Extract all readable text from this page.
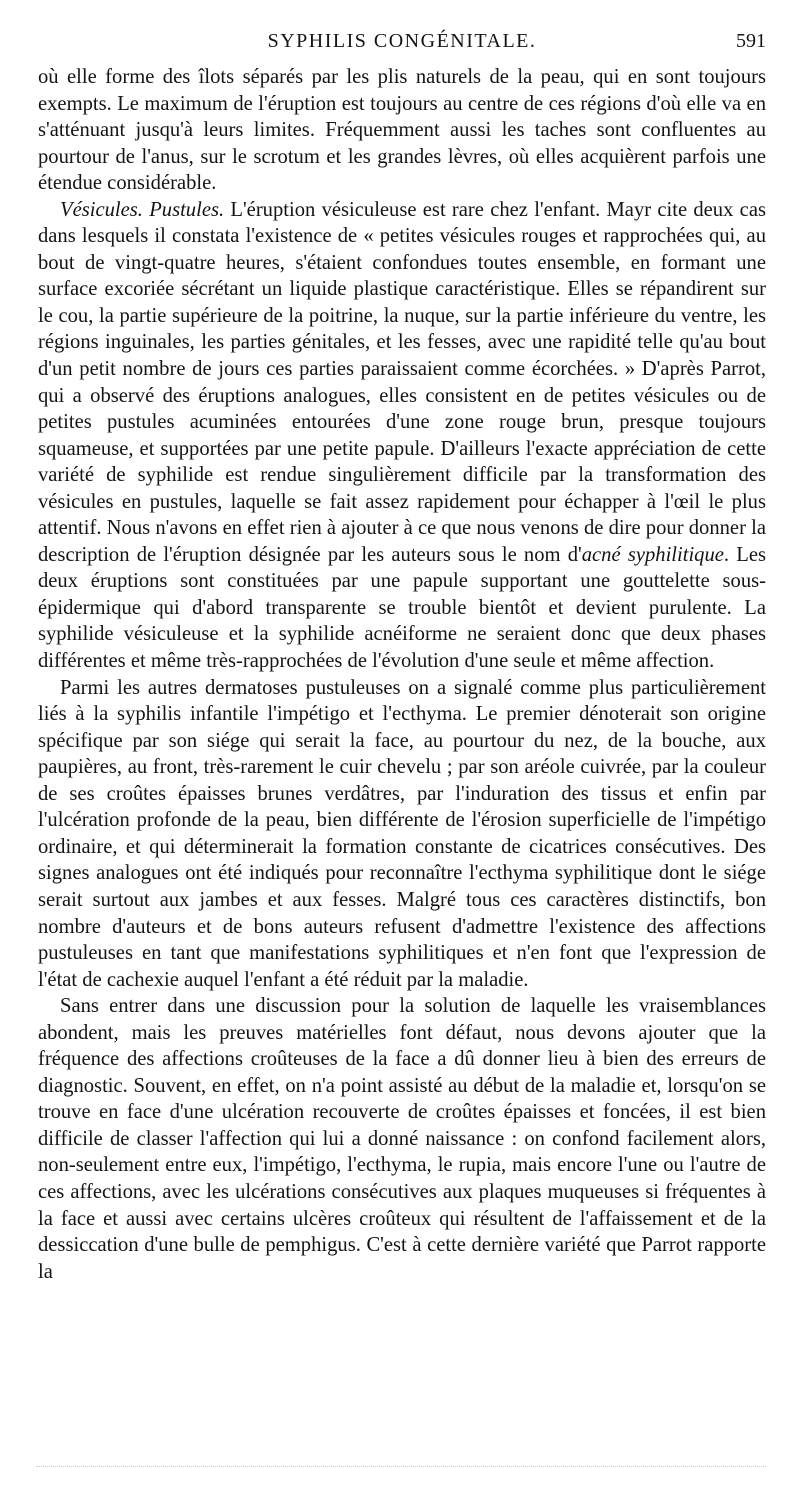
SYPHILIS CONGÉNITALE.	591

où elle forme des îlots séparés par les plis naturels de la peau, qui en sont toujours exempts. Le maximum de l'éruption est toujours au centre de ces régions d'où elle va en s'atténuant jusqu'à leurs limites. Fréquemment aussi les taches sont confluentes au pourtour de l'anus, sur le scrotum et les grandes lèvres, où elles acquièrent parfois une étendue considérable.

Vésicules. Pustules. L'éruption vésiculeuse est rare chez l'enfant. Mayr cite deux cas dans lesquels il constata l'existence de « petites vésicules rouges et rapprochées qui, au bout de vingt-quatre heures, s'étaient confondues toutes ensemble, en formant une surface excoriée sécrétant un liquide plastique caractéristique. Elles se répandirent sur le cou, la partie supérieure de la poitrine, la nuque, sur la partie inférieure du ventre, les régions inguinales, les parties génitales, et les fesses, avec une rapidité telle qu'au bout d'un petit nombre de jours ces parties paraissaient comme écorchées. » D'après Parrot, qui a observé des éruptions analogues, elles consistent en de petites vésicules ou de petites pustules acuminées entourées d'une zone rouge brun, presque toujours squameuse, et supportées par une petite papule. D'ailleurs l'exacte appréciation de cette variété de syphilide est rendue singulièrement difficile par la transformation des vésicules en pustules, laquelle se fait assez rapidement pour échapper à l'œil le plus attentif. Nous n'avons en effet rien à ajouter à ce que nous venons de dire pour donner la description de l'éruption désignée par les auteurs sous le nom d'acné syphilitique. Les deux éruptions sont constituées par une papule supportant une gouttelette sous-épidermique qui d'abord transparente se trouble bientôt et devient purulente. La syphilide vésiculeuse et la syphilide acnéiforme ne seraient donc que deux phases différentes et même très-rapprochées de l'évolution d'une seule et même affection.

Parmi les autres dermatoses pustuleuses on a signalé comme plus particulièrement liés à la syphilis infantile l'impétigo et l'ecthyma. Le premier dénoterait son origine spécifique par son siége qui serait la face, au pourtour du nez, de la bouche, aux paupières, au front, très-rarement le cuir chevelu ; par son aréole cuivrée, par la couleur de ses croûtes épaisses brunes verdâtres, par l'induration des tissus et enfin par l'ulcération profonde de la peau, bien différente de l'érosion superficielle de l'impétigo ordinaire, et qui déterminerait la formation constante de cicatrices consécutives. Des signes analogues ont été indiqués pour reconnaître l'ecthyma syphilitique dont le siége serait surtout aux jambes et aux fesses. Malgré tous ces caractères distinctifs, bon nombre d'auteurs et de bons auteurs refusent d'admettre l'existence des affections pustuleuses en tant que manifestations syphilitiques et n'en font que l'expression de l'état de cachexie auquel l'enfant a été réduit par la maladie.

Sans entrer dans une discussion pour la solution de laquelle les vraisemblances abondent, mais les preuves matérielles font défaut, nous devons ajouter que la fréquence des affections croûteuses de la face a dû donner lieu à bien des erreurs de diagnostic. Souvent, en effet, on n'a point assisté au début de la maladie et, lorsqu'on se trouve en face d'une ulcération recouverte de croûtes épaisses et foncées, il est bien difficile de classer l'affection qui lui a donné naissance : on confond facilement alors, non-seulement entre eux, l'impétigo, l'ecthyma, le rupia, mais encore l'une ou l'autre de ces affections, avec les ulcérations consécutives aux plaques muqueuses si fréquentes à la face et aussi avec certains ulcères croûteux qui résultent de l'affaissement et de la dessiccation d'une bulle de pemphigus. C'est à cette dernière variété que Parrot rapporte la
